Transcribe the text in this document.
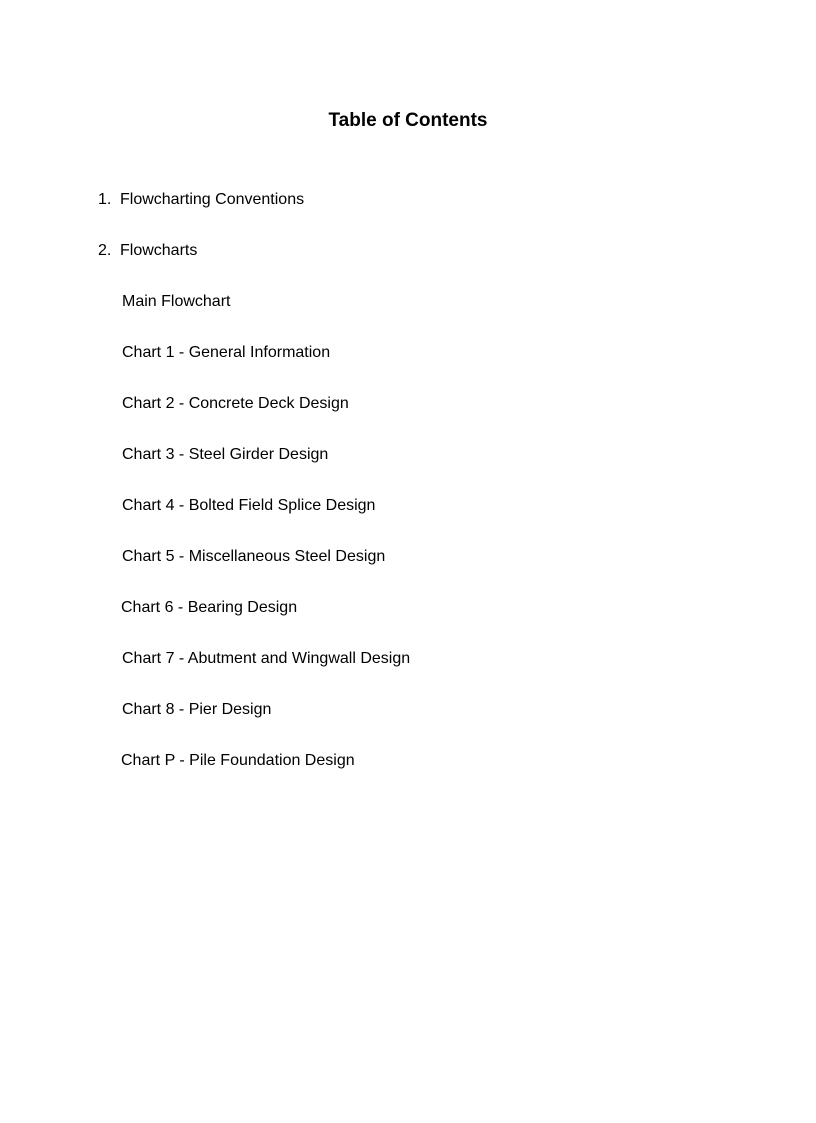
Table of Contents
1. Flowcharting Conventions
2. Flowcharts
Main Flowchart
Chart 1 - General Information
Chart 2 - Concrete Deck Design
Chart 3 - Steel Girder Design
Chart 4 - Bolted Field Splice Design
Chart 5 - Miscellaneous Steel Design
Chart 6 - Bearing Design
Chart 7 - Abutment and Wingwall Design
Chart 8 - Pier Design
Chart P - Pile Foundation Design
